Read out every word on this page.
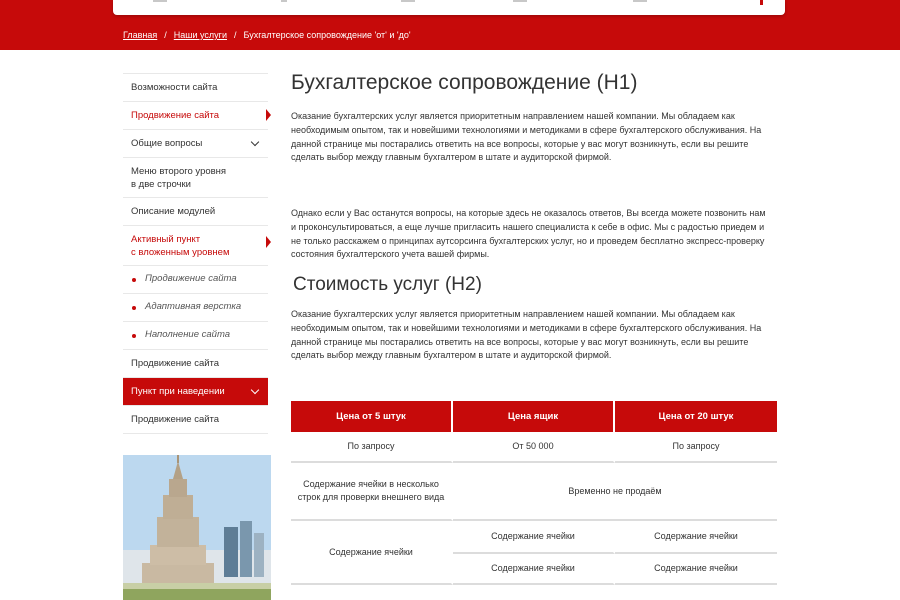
Главная / Наши услуги / Бухгалтерское сопровождение 'от' и 'до'
Возможности сайта
Продвижение сайта
Общие вопросы
Меню второго уровня
в две строчки
Описание модулей
Активный пункт
с вложенным уровнем
Продвижение сайта
Адаптивная верстка
Наполнение сайта
Продвижение сайта
Пункт при наведении
Продвижение сайта
Бухгалтерское сопровождение (H1)

Оказание бухгалтерских услуг является приоритетным направлением нашей компании. Мы обладаем как необходимым опытом, так и новейшими технологиями и методиками в сфере бухгалтерского обслуживания. На данной странице мы постарались ответить на все вопросы, которые у вас могут возникнуть, если вы решите сделать выбор между главным бухгалтером в штате и аудиторской фирмой.

Однако если у Вас останутся вопросы, на которые здесь не оказалось ответов, Вы всегда можете позвонить нам и проконсультироваться, а еще лучше пригласить нашего специалиста к себе в офис. Мы с радостью приедем и не только расскажем о принципах аутсорсинга бухгалтерских услуг, но и проведем бесплатно экспресс-проверку состояния бухгалтерского учета вашей фирмы.

Стоимость услуг (H2)

Оказание бухгалтерских услуг является приоритетным направлением нашей компании. Мы обладаем как необходимым опытом, так и новейшими технологиями и методиками в сфере бухгалтерского обслуживания. На данной странице мы постарались ответить на все вопросы, которые у вас могут возникнуть, если вы решите сделать выбор между главным бухгалтером в штате и аудиторской фирмой.

Цена от 5 штук	Цена ящик	Цена от 20 штук
По запросу	От 50 000	По запросу
Содержание ячейки в несколько строк для проверки внешнего вида	Временно не продаём	
Содержание ячейки	Содержание ячейки	Содержание ячейки
	Содержание ячейки	Содержание ячейки
